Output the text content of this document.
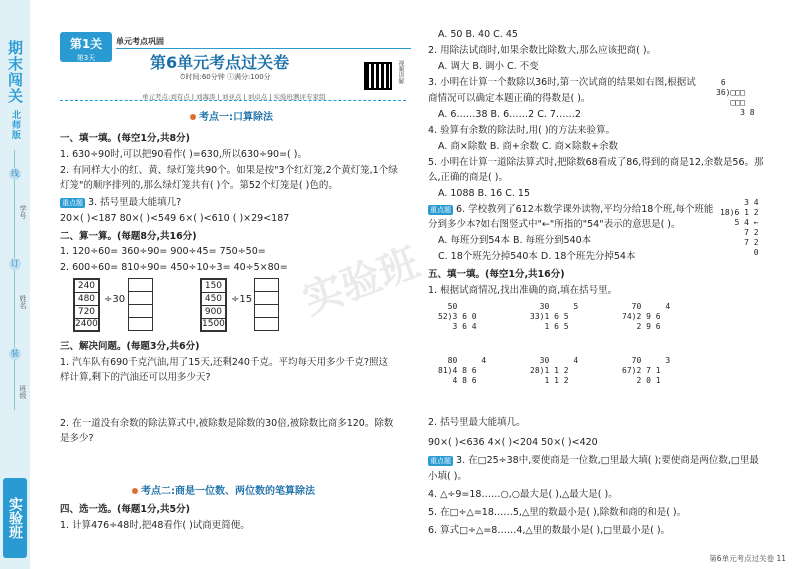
期末闯关 北师版
线
订
装
学号
姓名
班级
实验班
第1关
第3天
单元考点巩固
第6单元考点过关卷
⏱时间:60分钟 ⓘ满分:100分	视频讲解
单元考点:刘有点 | 刘海涛 | 刘亚点 | 刘卓点 | 实验班测评专家组
考点一:口算除法
一、填一填。(每空1分,共8分)
1. 630÷90时,可以把90看作( )=630,所以630÷90=( )。
2. 有同样大小的红、黄、绿灯笼共90个。如果是按"3个红灯笼,2个黄灯笼,1个绿
灯笼"的顺序排列的,那么绿灯笼共有( )个。第52个灯笼是( )色的。
重点题 3. 括号里最大能填几?
20×( )<187 80×( )<549 6×( )<610 ( )×29<187
二、算一算。(每题8分,共16分)
1. 120÷60= 360÷90= 900÷45= 750÷50=
2. 600÷60= 810÷90= 450÷10÷3= 40÷5×80=
240
480
720
2400
÷30

150
450
900
1500
÷15

三、解决问题。(每题3分,共6分)
1. 汽车队有690千克汽油,用了15天,还剩240千克。平均每天用多少千克?照这
样计算,剩下的汽油还可以用多少天?
2. 在一道没有余数的除法算式中,被除数是除数的30倍,被除数比商多120。除数
是多少?
考点二:商是一位数、两位数的笔算除法
四、选一选。(每题1分,共5分)
1. 计算476÷48时,把48看作( )试商更简便。
实验班
A. 50 B. 40 C. 45
2. 用除法试商时,如果余数比除数大,那么应该把商( )。
A. 调大 B. 调小 C. 不变
3. 小明在计算一个数除以36时,第一次试商的结果如右图,根据试
商情况可以确定本题正确的得数是( )。
A. 6……38 B. 6……2 C. 7……2
6
36)□□□
□□□
3 8
4. 验算有余数的除法时,用( )的方法来验算。
A. 商×除数 B. 商+余数 C. 商×除数+余数
5. 小明在计算一道除法算式时,把除数68看成了86,得到的商是12,余数是56。那
么,正确的商是( )。
A. 1088 B. 16 C. 15
重点题 6. 学校教列了612本数学课外读物,平均分给18个班,每个班能
分到多少本?如右图竖式中"←"所指的"54"表示的意思是( )。
3 4
18)6 1 2
5 4 ←
7 2
7 2
0
A. 每班分到54本 B. 每班分到540本
C. 18个班先分掉540本 D. 18个班先分掉54本
五、填一填。(每空1分,共16分)
1. 根据试商情况,找出准确的商,填在括号里。
50
52)3 6 0
3 6 4
30     5
33)1 6 5
1 6 5
70     4
74)2 9 6
2 9 6
80     4
81)4 8 6
4 8 6
30     4
28)1 1 2
1 1 2
70     3
67)2 7 1
2 0 1
2. 括号里最大能填几。
90×( )<636 4×( )<204 50×( )<420
重点题 3. 在□25÷38中,要使商是一位数,□里最大填( );要使商是两位数,□里最
小填( )。
4. △÷9=18……○,○最大是( ),△最大是( )。
5. 在□÷△=18……5,△里的数最小是( ),除数和商的和是( )。
6. 算式□÷△=8……4,△里的数最小是( ),□里最小是( )。
第6单元考点过关卷 11
